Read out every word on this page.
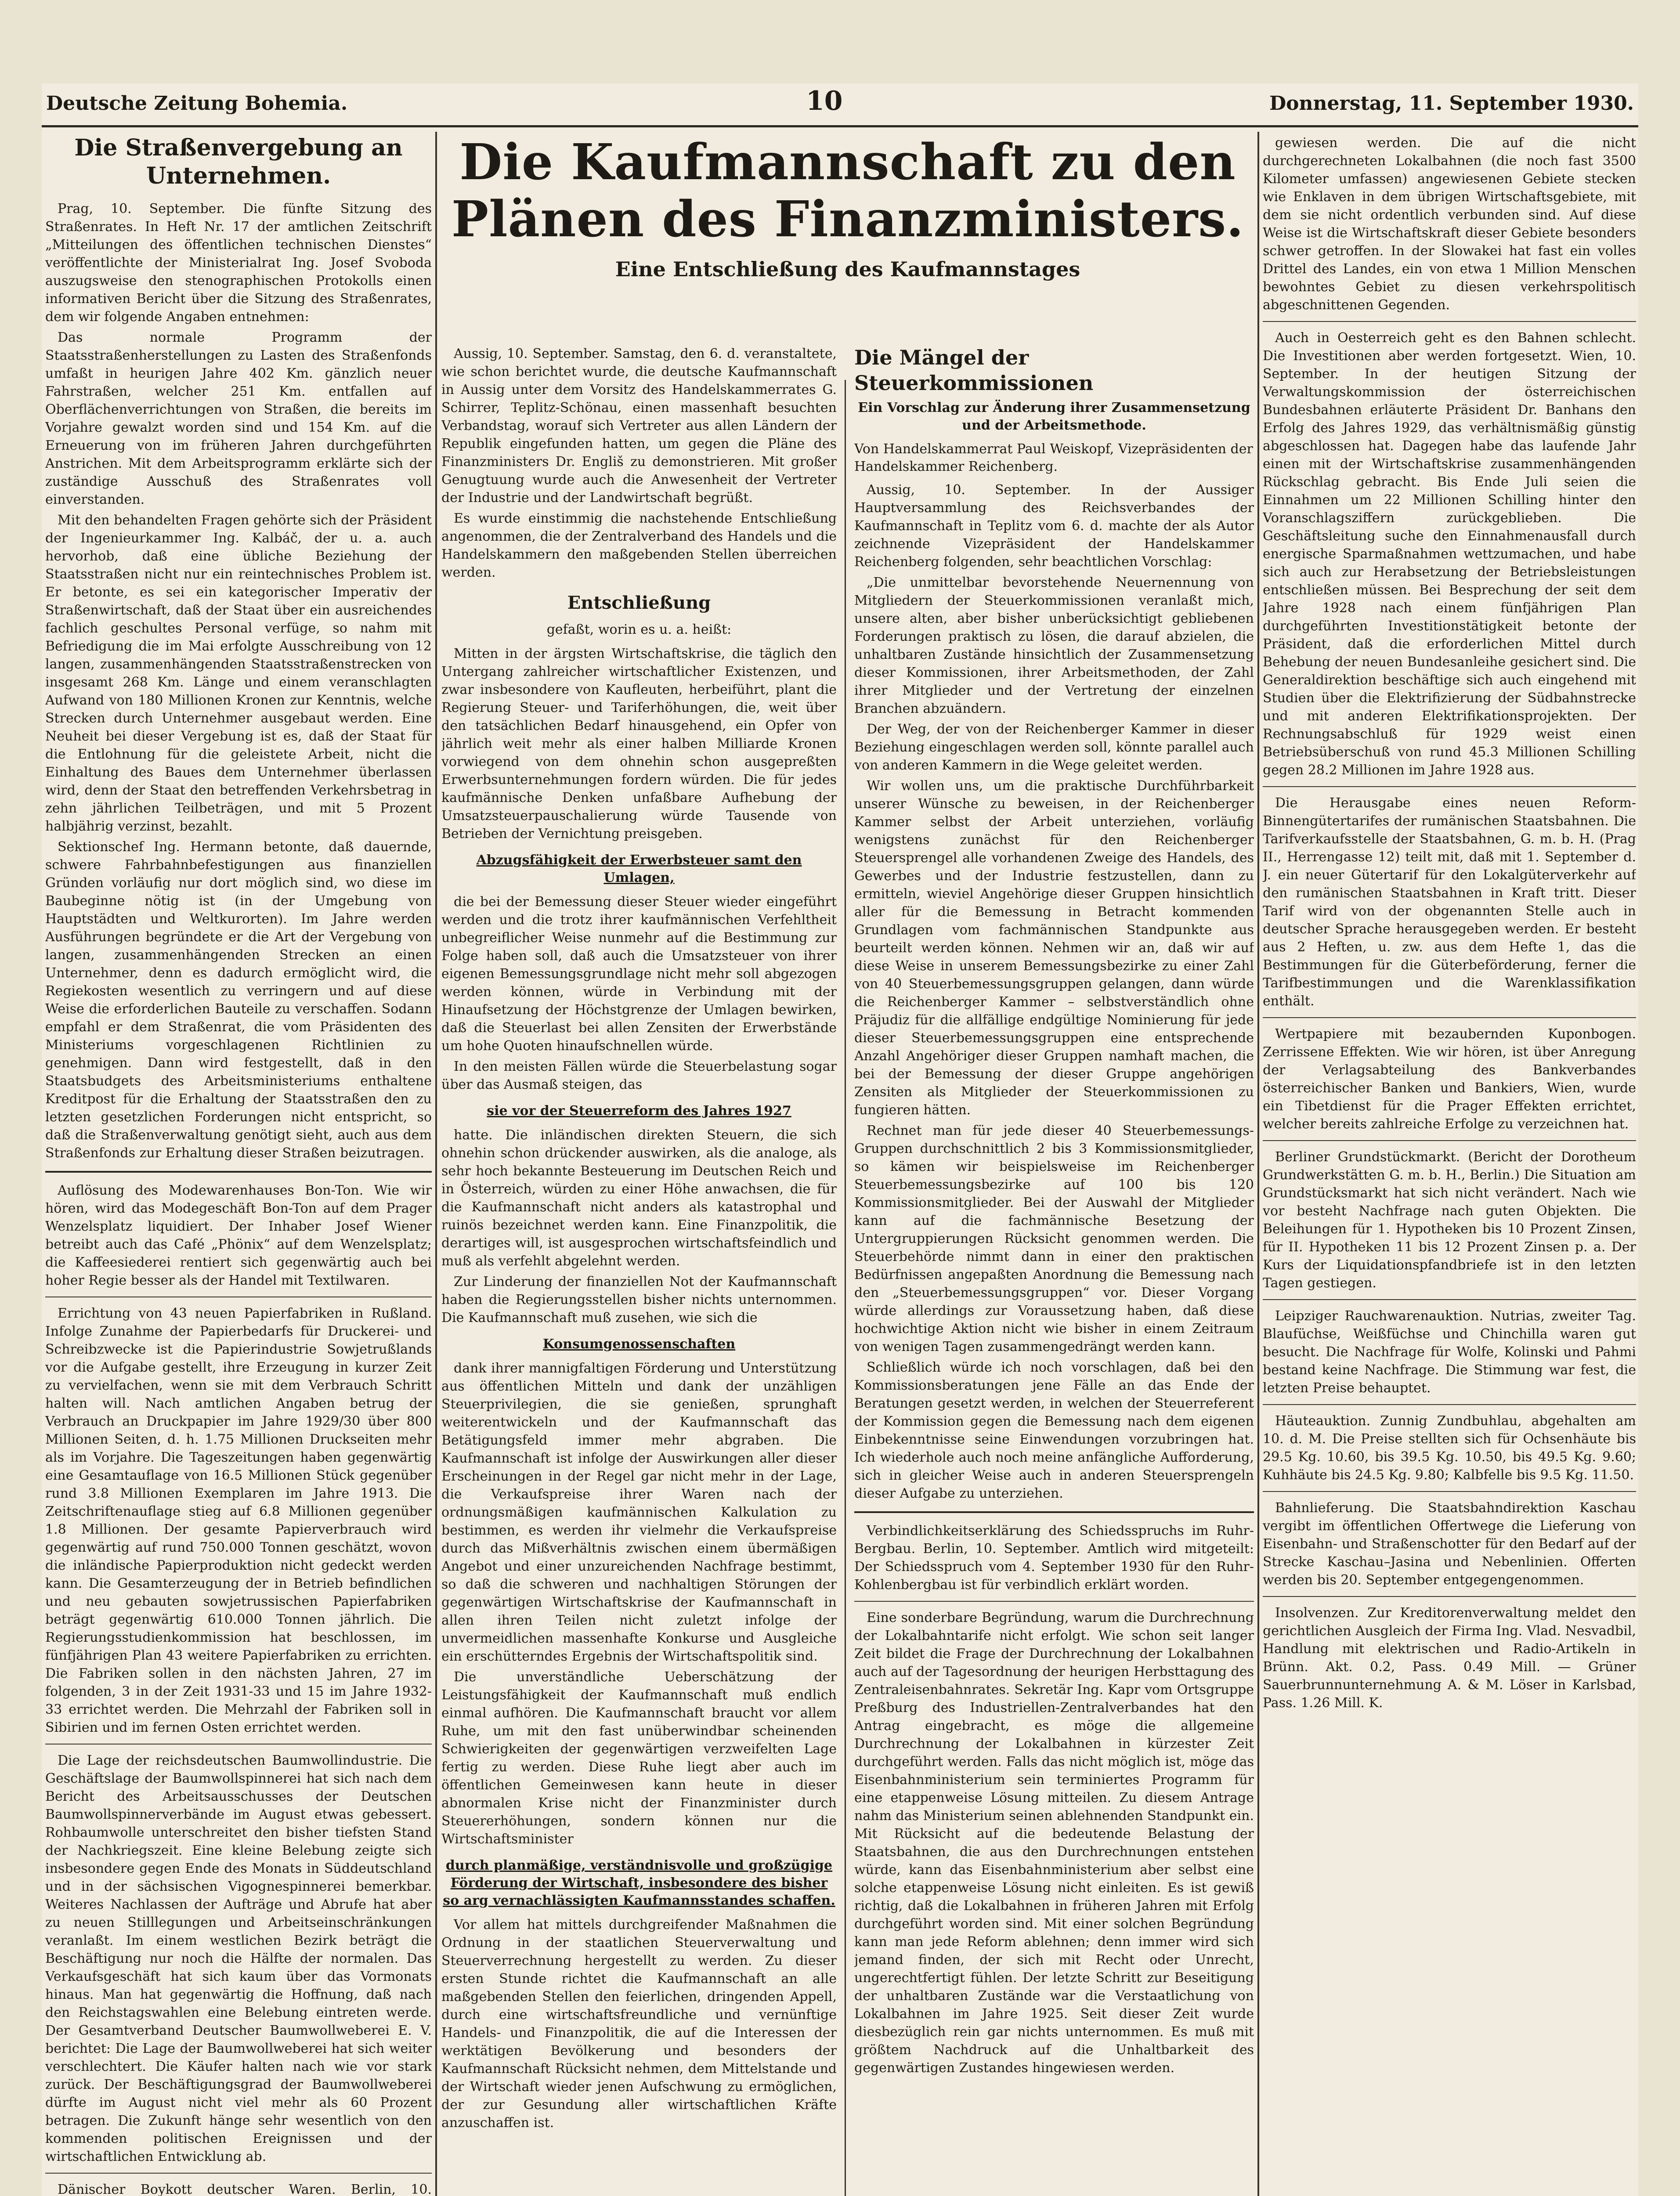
Deutsche Zeitung Bohemia.	10	Donnerstag, 11. September 1930.
Die Straßenvergebung an Unternehmen.

Prag, 10. September. Die fünfte Sitzung des Straßenrates. In Heft Nr. 17 der amtlichen Zeitschrift „Mitteilungen des öffentlichen technischen Dienstes“ veröffentlichte der Ministerialrat Ing. Josef Svoboda auszugsweise den stenographischen Protokolls einen informativen Bericht über die Sitzung des Straßenrates, dem wir folgende Angaben entnehmen:

Das normale Programm der Staatsstraßenherstellungen zu Lasten des Straßenfonds umfaßt in heurigen Jahre 402 Km. gänzlich neuer Fahrstraßen, welcher 251 Km. entfallen auf Oberflächenverrichtungen von Straßen, die bereits im Vorjahre gewalzt worden sind und 154 Km. auf die Erneuerung von im früheren Jahren durchgeführten Anstrichen. Mit dem Arbeitsprogramm erklärte sich der zuständige Ausschuß des Straßenrates voll einverstanden.

Mit den behandelten Fragen gehörte sich der Präsident der Ingenieurkammer Ing. Kalbáč, der u. a. auch hervorhob, daß eine übliche Beziehung der Staatsstraßen nicht nur ein reintechnisches Problem ist. Er betonte, es sei ein kategorischer Imperativ der Straßenwirtschaft, daß der Staat über ein ausreichendes fachlich geschultes Personal verfüge, so nahm mit Befriedigung die im Mai erfolgte Ausschreibung von 12 langen, zusammenhängenden Staatsstraßenstrecken von insgesamt 268 Km. Länge und einem veranschlagten Aufwand von 180 Millionen Kronen zur Kenntnis, welche Strecken durch Unternehmer ausgebaut werden. Eine Neuheit bei dieser Vergebung ist es, daß der Staat für die Entlohnung für die geleistete Arbeit, nicht die Einhaltung des Baues dem Unternehmer überlassen wird, denn der Staat den betreffenden Verkehrsbetrag in zehn jährlichen Teilbeträgen, und mit 5 Prozent halbjährig verzinst, bezahlt.

Sektionschef Ing. Hermann betonte, daß dauernde, schwere Fahrbahnbefestigungen aus finanziellen Gründen vorläufig nur dort möglich sind, wo diese im Baubeginne nötig ist (in der Umgebung von Hauptstädten und Weltkurorten). Im Jahre werden Ausführungen begründete er die Art der Vergebung von langen, zusammenhängenden Strecken an einen Unternehmer, denn es dadurch ermöglicht wird, die Regiekosten wesentlich zu verringern und auf diese Weise die erforderlichen Bauteile zu verschaffen. Sodann empfahl er dem Straßenrat, die vom Präsidenten des Ministeriums vorgeschlagenen Richtlinien zu genehmigen. Dann wird festgestellt, daß in den Staatsbudgets des Arbeitsministeriums enthaltene Kreditpost für die Erhaltung der Staatsstraßen den zu letzten gesetzlichen Forderungen nicht entspricht, so daß die Straßenverwaltung genötigt sieht, auch aus dem Straßenfonds zur Erhaltung dieser Straßen beizutragen.

Auflösung des Modewarenhauses Bon-Ton. Wie wir hören, wird das Modegeschäft Bon-Ton auf dem Prager Wenzelsplatz liquidiert. Der Inhaber Josef Wiener betreibt auch das Café „Phönix“ auf dem Wenzelsplatz; die Kaffeesiederei rentiert sich gegenwärtig auch bei hoher Regie besser als der Handel mit Textilwaren.

Errichtung von 43 neuen Papierfabriken in Rußland. Infolge Zunahme der Papierbedarfs für Druckerei- und Schreibzwecke ist die Papierindustrie Sowjetrußlands vor die Aufgabe gestellt, ihre Erzeugung in kurzer Zeit zu vervielfachen, wenn sie mit dem Verbrauch Schritt halten will. Nach amtlichen Angaben betrug der Verbrauch an Druckpapier im Jahre 1929/30 über 800 Millionen Seiten, d. h. 1.75 Millionen Druckseiten mehr als im Vorjahre. Die Tageszeitungen haben gegenwärtig eine Gesamtauflage von 16.5 Millionen Stück gegenüber rund 3.8 Millionen Exemplaren im Jahre 1913. Die Zeitschriftenauflage stieg auf 6.8 Millionen gegenüber 1.8 Millionen. Der gesamte Papierverbrauch wird gegenwärtig auf rund 750.000 Tonnen geschätzt, wovon die inländische Papierproduktion nicht gedeckt werden kann. Die Gesamterzeugung der in Betrieb befindlichen und neu gebauten sowjetrussischen Papierfabriken beträgt gegenwärtig 610.000 Tonnen jährlich. Die Regierungsstudienkommission hat beschlossen, im fünfjährigen Plan 43 weitere Papierfabriken zu errichten. Die Fabriken sollen in den nächsten Jahren, 27 im folgenden, 3 in der Zeit 1931-33 und 15 im Jahre 1932-33 errichtet werden. Die Mehrzahl der Fabriken soll in Sibirien und im fernen Osten errichtet werden.

Die Lage der reichsdeutschen Baumwollindustrie. Die Geschäftslage der Baumwollspinnerei hat sich nach dem Bericht des Arbeitsausschusses der Deutschen Baumwollspinnerverbände im August etwas gebessert. Rohbaumwolle unterschreitet den bisher tiefsten Stand der Nachkriegszeit. Eine kleine Belebung zeigte sich insbesondere gegen Ende des Monats in Süddeutschland und in der sächsischen Vigognespinnerei bemerkbar. Weiteres Nachlassen der Aufträge und Abrufe hat aber zu neuen Stilllegungen und Arbeitseinschränkungen veranlaßt. Im einem westlichen Bezirk beträgt die Beschäftigung nur noch die Hälfte der normalen. Das Verkaufsgeschäft hat sich kaum über das Vormonats hinaus. Man hat gegenwärtig die Hoffnung, daß nach den Reichstagswahlen eine Belebung eintreten werde. Der Gesamtverband Deutscher Baumwollweberei E. V. berichtet: Die Lage der Baumwollweberei hat sich weiter verschlechtert. Die Käufer halten nach wie vor stark zurück. Der Beschäftigungsgrad der Baumwollweberei dürfte im August nicht viel mehr als 60 Prozent betragen. Die Zukunft hänge sehr wesentlich von den kommenden politischen Ereignissen und der wirtschaftlichen Entwicklung ab.

Dänischer Boykott deutscher Waren. Berlin, 10.

Die Kaufmannschaft zu den Plänen des Finanzministers.
Eine Entschließung des Kaufmannstages

Aussig, 10. September. Samstag, den 6. d. veranstaltete, wie schon berichtet wurde, die deutsche Kaufmannschaft in Aussig unter dem Vorsitz des Handelskammerrates G. Schirrer, Teplitz-Schönau, einen massenhaft besuchten Verbandstag, worauf sich Vertreter aus allen Ländern der Republik eingefunden hatten, um gegen die Pläne des Finanzministers Dr. Engliš zu demonstrieren. Mit großer Genugtuung wurde auch die Anwesenheit der Vertreter der Industrie und der Landwirtschaft begrüßt.

Es wurde einstimmig die nachstehende Entschließung angenommen, die der Zentralverband des Handels und die Handelskammern den maßgebenden Stellen überreichen werden.

Entschließung
gefaßt, worin es u. a. heißt:

Mitten in der ärgsten Wirtschaftskrise, die täglich den Untergang zahlreicher wirtschaftlicher Existenzen, und zwar insbesondere von Kaufleuten, herbeiführt, plant die Regierung Steuer- und Tariferhöhungen, die, weit über den tatsächlichen Bedarf hinausgehend, ein Opfer von jährlich weit mehr als einer halben Milliarde Kronen vorwiegend von dem ohnehin schon ausgepreßten Erwerbsunternehmungen fordern würden. Die für jedes kaufmännische Denken unfaßbare Aufhebung der Umsatzsteuerpauschalierung würde Tausende von Betrieben der Vernichtung preisgeben.

Abzugsfähigkeit der Erwerbsteuer samt den Umlagen,

die bei der Bemessung dieser Steuer wieder eingeführt werden und die trotz ihrer kaufmännischen Verfehltheit unbegreiflicher Weise nunmehr auf die Bestimmung zur Folge haben soll, daß auch die Umsatzsteuer von ihrer eigenen Bemessungsgrundlage nicht mehr soll abgezogen werden können, würde in Verbindung mit der Hinaufsetzung der Höchstgrenze der Umlagen bewirken, daß die Steuerlast bei allen Zensiten der Erwerbstände um hohe Quoten hinaufschnellen würde.

In den meisten Fällen würde die Steuerbelastung sogar über das Ausmaß steigen, das

sie vor der Steuerreform des Jahres 1927

hatte. Die inländischen direkten Steuern, die sich ohnehin schon drückender auswirken, als die analoge, als sehr hoch bekannte Besteuerung im Deutschen Reich und in Österreich, würden zu einer Höhe anwachsen, die für die Kaufmannschaft nicht anders als katastrophal und ruinös bezeichnet werden kann. Eine Finanzpolitik, die derartiges will, ist ausgesprochen wirtschaftsfeindlich und muß als verfehlt abgelehnt werden.

Zur Linderung der finanziellen Not der Kaufmannschaft haben die Regierungsstellen bisher nichts unternommen. Die Kaufmannschaft muß zusehen, wie sich die

Konsumgenossenschaften

dank ihrer mannigfaltigen Förderung und Unterstützung aus öffentlichen Mitteln und dank der unzähligen Steuerprivilegien, die sie genießen, sprunghaft weiterentwickeln und der Kaufmannschaft das Betätigungsfeld immer mehr abgraben. Die Kaufmannschaft ist infolge der Auswirkungen aller dieser Erscheinungen in der Regel gar nicht mehr in der Lage, die Verkaufspreise ihrer Waren nach der ordnungsmäßigen kaufmännischen Kalkulation zu bestimmen, es werden ihr vielmehr die Verkaufspreise durch das Mißverhältnis zwischen einem übermäßigen Angebot und einer unzureichenden Nachfrage bestimmt, so daß die schweren und nachhaltigen Störungen der gegenwärtigen Wirtschaftskrise der Kaufmannschaft in allen ihren Teilen nicht zuletzt infolge der unvermeidlichen massenhafte Konkurse und Ausgleiche ein erschütterndes Ergebnis der Wirtschaftspolitik sind.

Die unverständliche Ueberschätzung der Leistungsfähigkeit der Kaufmannschaft muß endlich einmal aufhören. Die Kaufmannschaft braucht vor allem Ruhe, um mit den fast unüberwindbar scheinenden Schwierigkeiten der gegenwärtigen verzweifelten Lage fertig zu werden. Diese Ruhe liegt aber auch im öffentlichen Gemeinwesen kann heute in dieser abnormalen Krise nicht der Finanzminister durch Steuererhöhungen, sondern können nur die Wirtschaftsminister

durch planmäßige, verständnisvolle und großzügige Förderung der Wirtschaft, insbesondere des bisher so arg vernachlässigten Kaufmannsstandes schaffen.

Vor allem hat mittels durchgreifender Maßnahmen die Ordnung in der staatlichen Steuerverwaltung und Steuerverrechnung hergestellt zu werden. Zu dieser ersten Stunde richtet die Kaufmannschaft an alle maßgebenden Stellen den feierlichen, dringenden Appell, durch eine wirtschaftsfreundliche und vernünftige Handels- und Finanzpolitik, die auf die Interessen der werktätigen Bevölkerung und besonders der Kaufmannschaft Rücksicht nehmen, dem Mittelstande und der Wirtschaft wieder jenen Aufschwung zu ermöglichen, der zur Gesundung aller wirtschaftlichen Kräfte anzuschaffen ist.

Die Mängel der Steuerkommissionen
Ein Vorschlag zur Änderung ihrer Zusammensetzung und der Arbeitsmethode.
Von Handelskammerrat Paul Weiskopf, Vizepräsidenten der Handelskammer Reichenberg.

Aussig, 10. September. In der Aussiger Hauptversammlung des Reichsverbandes der Kaufmannschaft in Teplitz vom 6. d. machte der als Autor zeichnende Vizepräsident der Handelskammer Reichenberg folgenden, sehr beachtlichen Vorschlag:

„Die unmittelbar bevorstehende Neuernennung von Mitgliedern der Steuerkommissionen veranlaßt mich, unsere alten, aber bisher unberücksichtigt gebliebenen Forderungen praktisch zu lösen, die darauf abzielen, die unhaltbaren Zustände hinsichtlich der Zusammensetzung dieser Kommissionen, ihrer Arbeitsmethoden, der Zahl ihrer Mitglieder und der Vertretung der einzelnen Branchen abzuändern.

Der Weg, der von der Reichenberger Kammer in dieser Beziehung eingeschlagen werden soll, könnte parallel auch von anderen Kammern in die Wege geleitet werden.

Wir wollen uns, um die praktische Durchführbarkeit unserer Wünsche zu beweisen, in der Reichenberger Kammer selbst der Arbeit unterziehen, vorläufig wenigstens zunächst für den Reichenberger Steuersprengel alle vorhandenen Zweige des Handels, des Gewerbes und der Industrie festzustellen, dann zu ermitteln, wieviel Angehörige dieser Gruppen hinsichtlich aller für die Bemessung in Betracht kommenden Grundlagen vom fachmännischen Standpunkte aus beurteilt werden können. Nehmen wir an, daß wir auf diese Weise in unserem Bemessungsbezirke zu einer Zahl von 40 Steuerbemessungsgruppen gelangen, dann würde die Reichenberger Kammer – selbstverständlich ohne Präjudiz für die allfällige endgültige Nominierung für jede dieser Steuerbemessungsgruppen eine entsprechende Anzahl Angehöriger dieser Gruppen namhaft machen, die bei der Bemessung der dieser Gruppe angehörigen Zensiten als Mitglieder der Steuerkommissionen zu fungieren hätten.

Rechnet man für jede dieser 40 Steuerbemessungs-Gruppen durchschnittlich 2 bis 3 Kommissionsmitglieder, so kämen wir beispielsweise im Reichenberger Steuerbemessungsbezirke auf 100 bis 120 Kommissionsmitglieder. Bei der Auswahl der Mitglieder kann auf die fachmännische Besetzung der Untergruppierungen Rücksicht genommen werden. Die Steuerbehörde nimmt dann in einer den praktischen Bedürfnissen angepaßten Anordnung die Bemessung nach den „Steuerbemessungsgruppen“ vor. Dieser Vorgang würde allerdings zur Voraussetzung haben, daß diese hochwichtige Aktion nicht wie bisher in einem Zeitraum von wenigen Tagen zusammengedrängt werden kann.

Schließlich würde ich noch vorschlagen, daß bei den Kommissionsberatungen jene Fälle an das Ende der Beratungen gesetzt werden, in welchen der Steuerreferent der Kommission gegen die Bemessung nach dem eigenen Einbekenntnisse seine Einwendungen vorzubringen hat. Ich wiederhole auch noch meine anfängliche Aufforderung, sich in gleicher Weise auch in anderen Steuersprengeln dieser Aufgabe zu unterziehen.

Verbindlichkeitserklärung des Schiedsspruchs im Ruhr-Bergbau. Berlin, 10. September. Amtlich wird mitgeteilt: Der Schiedsspruch vom 4. September 1930 für den Ruhr-Kohlenbergbau ist für verbindlich erklärt worden.

Eine sonderbare Begründung, warum die Durchrechnung der Lokalbahntarife nicht erfolgt. Wie schon seit langer Zeit bildet die Frage der Durchrechnung der Lokalbahnen auch auf der Tagesordnung der heurigen Herbsttagung des Zentraleisenbahnrates. Sekretär Ing. Kapr vom Ortsgruppe Preßburg des Industriellen-Zentralverbandes hat den Antrag eingebracht, es möge die allgemeine Durchrechnung der Lokalbahnen in kürzester Zeit durchgeführt werden. Falls das nicht möglich ist, möge das Eisenbahnministerium sein terminiertes Programm für eine etappenweise Lösung mitteilen. Zu diesem Antrage nahm das Ministerium seinen ablehnenden Standpunkt ein. Mit Rücksicht auf die bedeutende Belastung der Staatsbahnen, die aus den Durchrechnungen entstehen würde, kann das Eisenbahnministerium aber selbst eine solche etappenweise Lösung nicht einleiten. Es ist gewiß richtig, daß die Lokalbahnen in früheren Jahren mit Erfolg durchgeführt worden sind. Mit einer solchen Begründung kann man jede Reform ablehnen; denn immer wird sich jemand finden, der sich mit Recht oder Unrecht, ungerechtfertigt fühlen. Der letzte Schritt zur Beseitigung der unhaltbaren Zustände war die Verstaatlichung von Lokalbahnen im Jahre 1925. Seit dieser Zeit wurde diesbezüglich rein gar nichts unternommen. Es muß mit größtem Nachdruck auf die Unhaltbarkeit des gegenwärtigen Zustandes hingewiesen werden.

gewiesen werden. Die auf die nicht durchgerechneten Lokalbahnen (die noch fast 3500 Kilometer umfassen) angewiesenen Gebiete stecken wie Enklaven in dem übrigen Wirtschaftsgebiete, mit dem sie nicht ordentlich verbunden sind. Auf diese Weise ist die Wirtschaftskraft dieser Gebiete besonders schwer getroffen. In der Slowakei hat fast ein volles Drittel des Landes, ein von etwa 1 Million Menschen bewohntes Gebiet zu diesen verkehrspolitisch abgeschnittenen Gegenden.

Auch in Oesterreich geht es den Bahnen schlecht. Die Investitionen aber werden fortgesetzt. Wien, 10. September. In der heutigen Sitzung der Verwaltungskommission der österreichischen Bundesbahnen erläuterte Präsident Dr. Banhans den Erfolg des Jahres 1929, das verhältnismäßig günstig abgeschlossen hat. Dagegen habe das laufende Jahr einen mit der Wirtschaftskrise zusammenhängenden Rückschlag gebracht. Bis Ende Juli seien die Einnahmen um 22 Millionen Schilling hinter den Voranschlagsziffern zurückgeblieben. Die Geschäftsleitung suche den Einnahmenausfall durch energische Sparmaßnahmen wettzumachen, und habe sich auch zur Herabsetzung der Betriebsleistungen entschließen müssen. Bei Besprechung der seit dem Jahre 1928 nach einem fünfjährigen Plan durchgeführten Investitionstätigkeit betonte der Präsident, daß die erforderlichen Mittel durch Behebung der neuen Bundesanleihe gesichert sind. Die Generaldirektion beschäftige sich auch eingehend mit Studien über die Elektrifizierung der Südbahnstrecke und mit anderen Elektrifikationsprojekten. Der Rechnungsabschluß für 1929 weist einen Betriebsüberschuß von rund 45.3 Millionen Schilling gegen 28.2 Millionen im Jahre 1928 aus.

Die Herausgabe eines neuen Reform-Binnengütertarifes der rumänischen Staatsbahnen. Die Tarifverkaufsstelle der Staatsbahnen, G. m. b. H. (Prag II., Herrengasse 12) teilt mit, daß mit 1. September d. J. ein neuer Gütertarif für den Lokalgüterverkehr auf den rumänischen Staatsbahnen in Kraft tritt. Dieser Tarif wird von der obgenannten Stelle auch in deutscher Sprache herausgegeben werden. Er besteht aus 2 Heften, u. zw. aus dem Hefte 1, das die Bestimmungen für die Güterbeförderung, ferner die Tarifbestimmungen und die Warenklassifikation enthält.

Wertpapiere mit bezaubernden Kuponbogen. Zerrissene Effekten. Wie wir hören, ist über Anregung der Verlagsabteilung des Bankverbandes österreichischer Banken und Bankiers, Wien, wurde ein Tibetdienst für die Prager Effekten errichtet, welcher bereits zahlreiche Erfolge zu verzeichnen hat.

Berliner Grundstückmarkt. (Bericht der Dorotheum Grundwerkstätten G. m. b. H., Berlin.) Die Situation am Grundstücksmarkt hat sich nicht verändert. Nach wie vor besteht Nachfrage nach guten Objekten. Die Beleihungen für 1. Hypotheken bis 10 Prozent Zinsen, für II. Hypotheken 11 bis 12 Prozent Zinsen p. a. Der Kurs der Liquidationspfandbriefe ist in den letzten Tagen gestiegen.

Leipziger Rauchwarenauktion. Nutrias, zweiter Tag. Blaufüchse, Weißfüchse und Chinchilla waren gut besucht. Die Nachfrage für Wolfe, Kolinski und Pahmi bestand keine Nachfrage. Die Stimmung war fest, die letzten Preise behauptet.

Häuteauktion. Zunnig Zundbuhlau, abgehalten am 10. d. M. Die Preise stellten sich für Ochsenhäute bis 29.5 Kg. 10.60, bis 39.5 Kg. 10.50, bis 49.5 Kg. 9.60; Kuhhäute bis 24.5 Kg. 9.80; Kalbfelle bis 9.5 Kg. 11.50.

Bahnlieferung. Die Staatsbahndirektion Kaschau vergibt im öffentlichen Offertwege die Lieferung von Eisenbahn- und Straßenschotter für den Bedarf auf der Strecke Kaschau–Jasina und Nebenlinien. Offerten werden bis 20. September entgegengenommen.

Insolvenzen. Zur Kreditorenverwaltung meldet den gerichtlichen Ausgleich der Firma Ing. Vlad. Nesvadbil, Handlung mit elektrischen und Radio-Artikeln in Brünn. Akt. 0.2, Pass. 0.49 Mill. — Grüner Sauerbrunnunternehmung A. & M. Löser in Karlsbad, Pass. 1.26 Mill. K.
